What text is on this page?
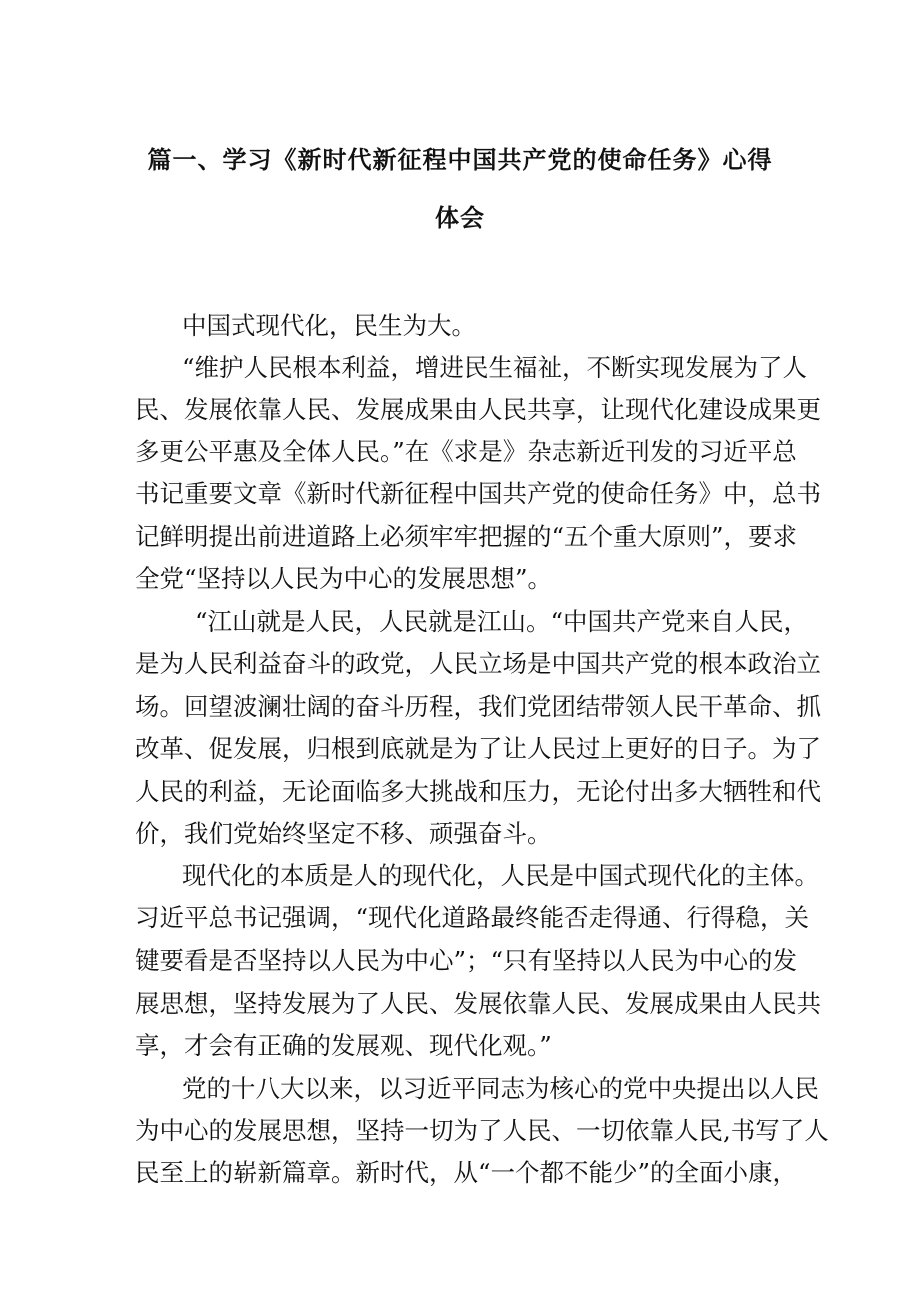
篇一、学习《新时代新征程中国共产党的使命任务》心得
体会
中国式现代化，民生为大。
“维护人民根本利益，增进民生福祉，不断实现发展为了人
民、发展依靠人民、发展成果由人民共享，让现代化建设成果更
多更公平惠及全体人民。”在《求是》杂志新近刊发的习近平总
书记重要文章《新时代新征程中国共产党的使命任务》中，总书
记鲜明提出前进道路上必须牢牢把握的“五个重大原则”，要求
全党“坚持以人民为中心的发展思想”。
“江山就是人民，人民就是江山。“中国共产党来自人民，
是为人民利益奋斗的政党，人民立场是中国共产党的根本政治立
场。回望波澜壮阔的奋斗历程，我们党团结带领人民干革命、抓
改革、促发展，归根到底就是为了让人民过上更好的日子。为了
人民的利益，无论面临多大挑战和压力，无论付出多大牺牲和代
价，我们党始终坚定不移、顽强奋斗。
现代化的本质是人的现代化，人民是中国式现代化的主体。
习近平总书记强调，“现代化道路最终能否走得通、行得稳，关
键要看是否坚持以人民为中心”；“只有坚持以人民为中心的发
展思想，坚持发展为了人民、发展依靠人民、发展成果由人民共
享，才会有正确的发展观、现代化观。”
党的十八大以来，以习近平同志为核心的党中央提出以人民
为中心的发展思想，坚持一切为了人民、一切依靠人民,书写了人
民至上的崭新篇章。新时代，从“一个都不能少”的全面小康，
